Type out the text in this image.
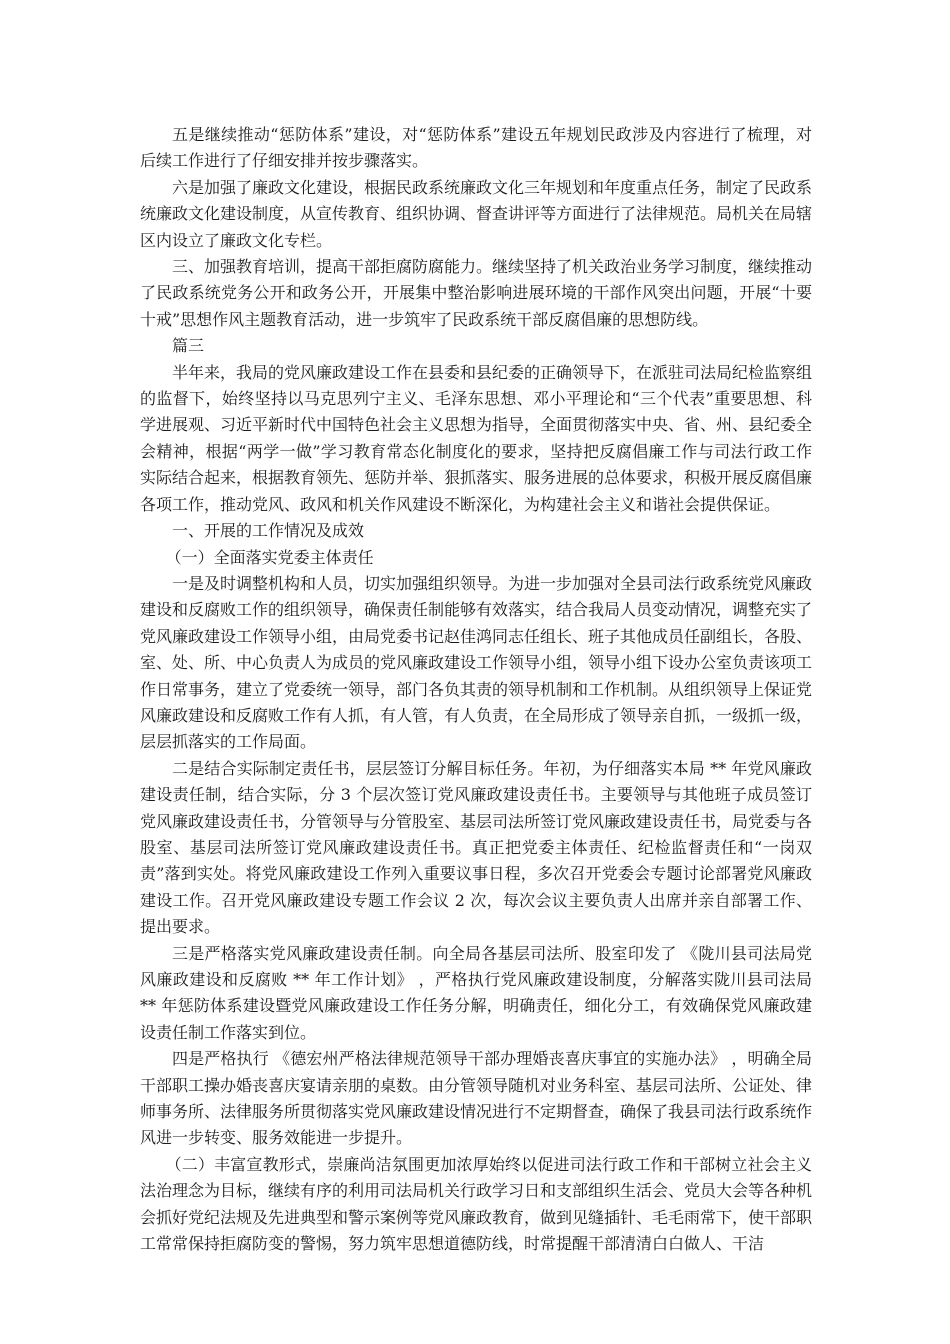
五是继续推动“惩防体系”建设，对“惩防体系”建设五年规划民政涉及内容进行了梳理，对后续工作进行了仔细安排并按步骤落实。

六是加强了廉政文化建设，根据民政系统廉政文化三年规划和年度重点任务，制定了民政系统廉政文化建设制度，从宣传教育、组织协调、督查讲评等方面进行了法律规范。局机关在局辖区内设立了廉政文化专栏。

三、加强教育培训，提高干部拒腐防腐能力。继续坚持了机关政治业务学习制度，继续推动了民政系统党务公开和政务公开，开展集中整治影响进展环境的干部作风突出问题，开展“十要十戒”思想作风主题教育活动，进一步筑牢了民政系统干部反腐倡廉的思想防线。

篇三

半年来，我局的党风廉政建设工作在县委和县纪委的正确领导下，在派驻司法局纪检监察组的监督下，始终坚持以马克思列宁主义、毛泽东思想、邓小平理论和“三个代表”重要思想、科学进展观、习近平新时代中国特色社会主义思想为指导，全面贯彻落实中央、省、州、县纪委全会精神，根据“两学一做”学习教育常态化制度化的要求，坚持把反腐倡廉工作与司法行政工作实际结合起来，根据教育领先、惩防并举、狠抓落实、服务进展的总体要求，积极开展反腐倡廉各项工作，推动党风、政风和机关作风建设不断深化，为构建社会主义和谐社会提供保证。

一、开展的工作情况及成效

（一）全面落实党委主体责任

一是及时调整机构和人员，切实加强组织领导。为进一步加强对全县司法行政系统党风廉政建设和反腐败工作的组织领导，确保责任制能够有效落实，结合我局人员变动情况，调整充实了党风廉政建设工作领导小组，由局党委书记赵佳鸿同志任组长、班子其他成员任副组长，各股、室、处、所、中心负责人为成员的党风廉政建设工作领导小组，领导小组下设办公室负责该项工作日常事务，建立了党委统一领导，部门各负其责的领导机制和工作机制。从组织领导上保证党风廉政建设和反腐败工作有人抓，有人管，有人负责，在全局形成了领导亲自抓，一级抓一级，层层抓落实的工作局面。

二是结合实际制定责任书，层层签订分解目标任务。年初，为仔细落实本局 ** 年党风廉政建设责任制，结合实际，分 3 个层次签订党风廉政建设责任书。主要领导与其他班子成员签订党风廉政建设责任书，分管领导与分管股室、基层司法所签订党风廉政建设责任书，局党委与各股室、基层司法所签订党风廉政建设责任书。真正把党委主体责任、纪检监督责任和“一岗双责”落到实处。将党风廉政建设工作列入重要议事日程，多次召开党委会专题讨论部署党风廉政建设工作。召开党风廉政建设专题工作会议 2 次，每次会议主要负责人出席并亲自部署工作、提出要求。

三是严格落实党风廉政建设责任制。向全局各基层司法所、股室印发了 《陇川县司法局党风廉政建设和反腐败 ** 年工作计划》 ，严格执行党风廉政建设制度，分解落实陇川县司法局 ** 年惩防体系建设暨党风廉政建设工作任务分解，明确责任，细化分工，有效确保党风廉政建设责任制工作落实到位。

四是严格执行 《德宏州严格法律规范领导干部办理婚丧喜庆事宜的实施办法》 ，明确全局干部职工操办婚丧喜庆宴请亲朋的桌数。由分管领导随机对业务科室、基层司法所、公证处、律师事务所、法律服务所贯彻落实党风廉政建设情况进行不定期督查，确保了我县司法行政系统作风进一步转变、服务效能进一步提升。

（二）丰富宣教形式，崇廉尚洁氛围更加浓厚始终以促进司法行政工作和干部树立社会主义法治理念为目标，继续有序的利用司法局机关行政学习日和支部组织生活会、党员大会等各种机会抓好党纪法规及先进典型和警示案例等党风廉政教育，做到见缝插针、毛毛雨常下，使干部职工常常保持拒腐防变的警惕，努力筑牢思想道德防线，时常提醒干部清清白白做人、干洁
